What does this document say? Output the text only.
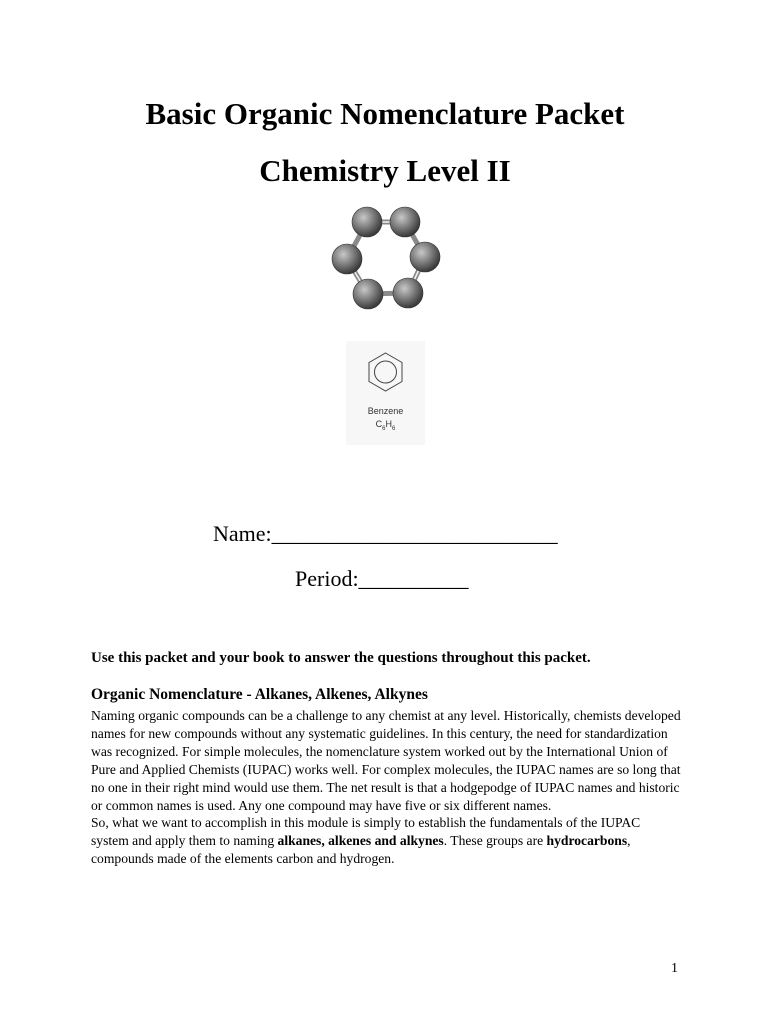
Basic Organic Nomenclature Packet
Chemistry Level II
Benzene
$C_6H_6$
Name:__________________________
Period:__________
Use this packet and your book to answer the questions throughout this packet.
Organic Nomenclature - Alkanes, Alkenes, Alkynes

Naming organic compounds can be a challenge to any chemist at any level. Historically, chemists developed names for new compounds without any systematic guidelines. In this century, the need for standardization was recognized. For simple molecules, the nomenclature system worked out by the International Union of Pure and Applied Chemists (IUPAC) works well. For complex molecules, the IUPAC names are so long that no one in their right mind would use them. The net result is that a hodgepodge of IUPAC names and historic or common names is used. Any one compound may have five or six different names.

So, what we want to accomplish in this module is simply to establish the fundamentals of the IUPAC system and apply them to naming alkanes, alkenes and alkynes. These groups are hydrocarbons, compounds made of the elements carbon and hydrogen.

1
